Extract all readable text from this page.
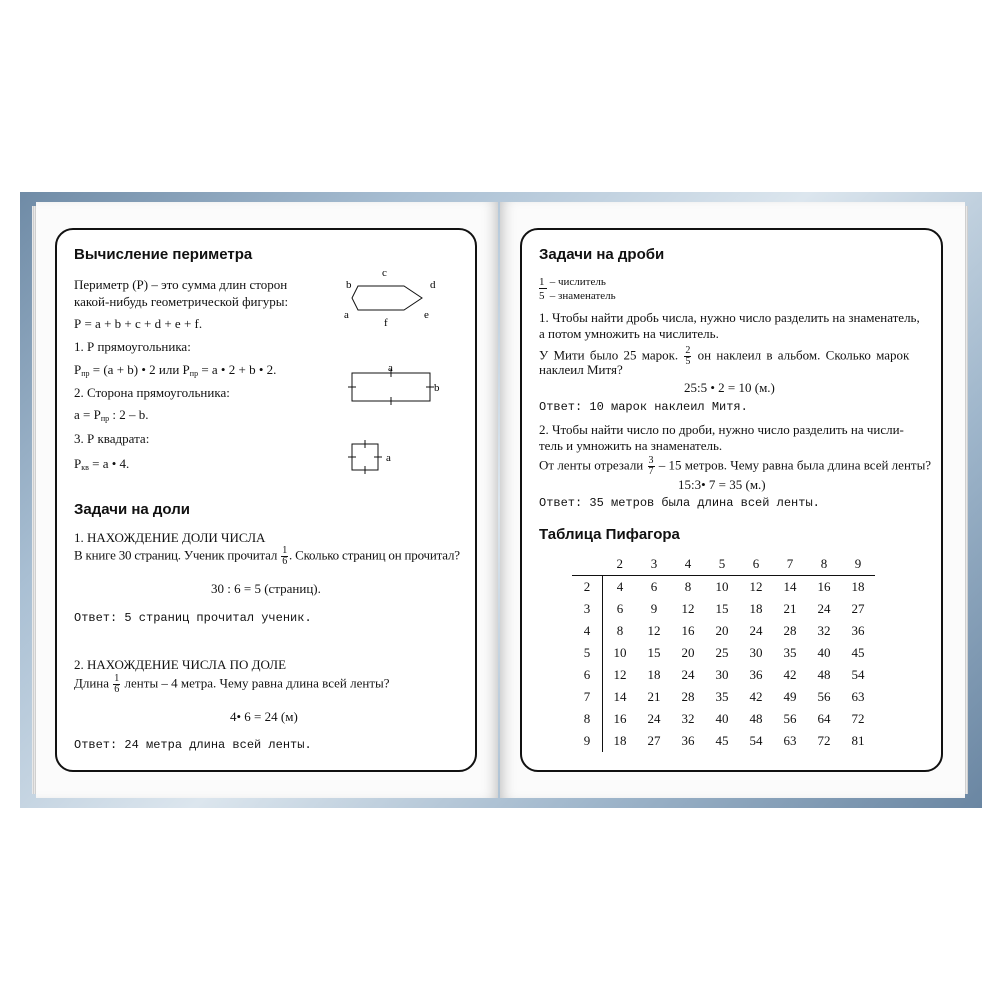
Вычисление периметра
Периметр (Р) – это сумма длин сторон
какой-нибудь геометрической фигуры:
Р = a + b + c + d + e + f.
c
b	d
a	e
f
1. Р прямоугольника:
$Р_{пр} = (a + b)$ • 2 или $Р_{пр} = a$ • 2 + b • 2.	a
b
2. Сторона прямоугольника:
$a = Р_{пр}$ : 2 – b.
3. Р квадрата:
$Р_{кв} = a$ • 4.	a
Задачи на доли
1. НАХОЖДЕНИЕ ДОЛИ ЧИСЛА
В книге 30 страниц. Ученик прочитал $\frac{1}{6}$ . Сколько страниц он прочитал?
30 : 6 = 5 (страниц).
Ответ: 5 страниц прочитал ученик.
2. НАХОЖДЕНИЕ ЧИСЛА ПО ДОЛЕ
Длина $\frac{1}{6}$ ленты – 4 метра. Чему равна длина всей ленты?
4• 6 = 24 (м)
Ответ: 24 метра длина всей ленты.
Задачи на дроби
1 – числитель
5 – знаменатель
1. Чтобы найти дробь числа, нужно число разделить на знаменатель,
а потом умножить на числитель.
У Мити было 25 марок. $\frac{2}{5}$ он наклеил в альбом. Сколько марок
наклеил Митя?
25:5 • 2 = 10 (м.)
Ответ: 10 марок наклеил Митя.
2. Чтобы найти число по дроби, нужно число разделить на числи-
тель и умножить на знаменатель.
От ленты отрезали $\frac{3}{7} - 15$ метров. Чему равна была длина всей ленты?
15:3• 7 = 35 (м.)
Ответ: 35 метров была длина всей ленты.
Таблица Пифагора
	2	3	4	5	6	7	8	9
2	4	6	8	10	12	14	16	18
3	6	9	12	15	18	21	24	27
4	8	12	16	20	24	28	32	36
5	10	15	20	25	30	35	40	45
6	12	18	24	30	36	42	48	54
7	14	21	28	35	42	49	56	63
8	16	24	32	40	48	56	64	72
9	18	27	36	45	54	63	72	81
